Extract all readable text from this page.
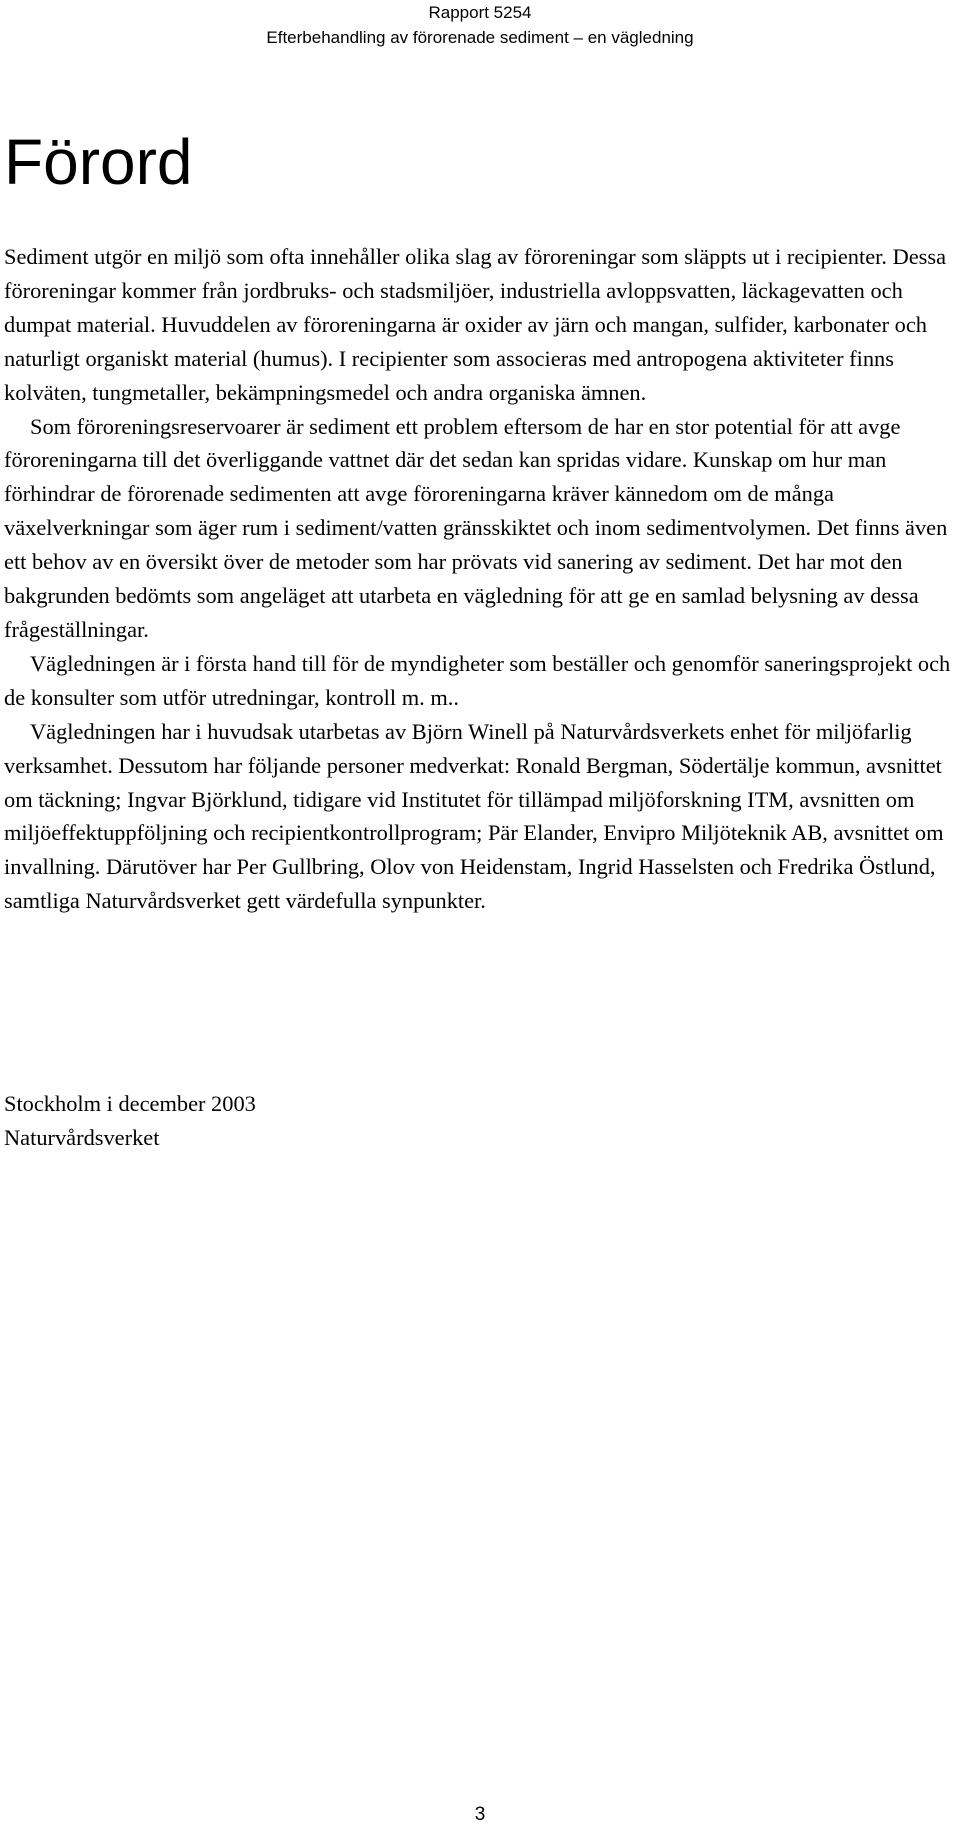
Rapport 5254
Efterbehandling av förorenade sediment – en vägledning
Förord

Sediment utgör en miljö som ofta innehåller olika slag av föroreningar som släppts ut i recipienter. Dessa föroreningar kommer från jordbruks- och stadsmiljöer, industriella avloppsvatten, läckagevatten och dumpat material. Huvuddelen av föroreningarna är oxider av järn och mangan, sulfider, karbonater och naturligt organiskt material (humus). I recipienter som associeras med antropogena aktiviteter finns kolväten, tungmetaller, bekämpningsmedel och andra organiska ämnen.

Som föroreningsreservoarer är sediment ett problem eftersom de har en stor potential för att avge föroreningarna till det överliggande vattnet där det sedan kan spridas vidare. Kunskap om hur man förhindrar de förorenade sedimenten att avge föroreningarna kräver kännedom om de många växelverkningar som äger rum i sediment/vatten gränsskiktet och inom sedimentvolymen. Det finns även ett behov av en översikt över de metoder som har prövats vid sanering av sediment. Det har mot den bakgrunden bedömts som angeläget att utarbeta en vägledning för att ge en samlad belysning av dessa frågeställningar.

Vägledningen är i första hand till för de myndigheter som beställer och genomför saneringsprojekt och de konsulter som utför utredningar, kontroll m. m..

Vägledningen har i huvudsak utarbetas av Björn Winell på Naturvårdsverkets enhet för miljöfarlig verksamhet. Dessutom har följande personer medverkat: Ronald Bergman, Södertälje kommun, avsnittet om täckning; Ingvar Björklund, tidigare vid Institutet för tillämpad miljöforskning ITM, avsnitten om miljöeffektuppföljning och recipientkontrollprogram; Pär Elander, Envipro Miljöteknik AB, avsnittet om invallning. Därutöver har Per Gullbring, Olov von Heidenstam, Ingrid Hasselsten och Fredrika Östlund, samtliga Naturvårdsverket gett värdefulla synpunkter.

Stockholm i december 2003
Naturvårdsverket
3
